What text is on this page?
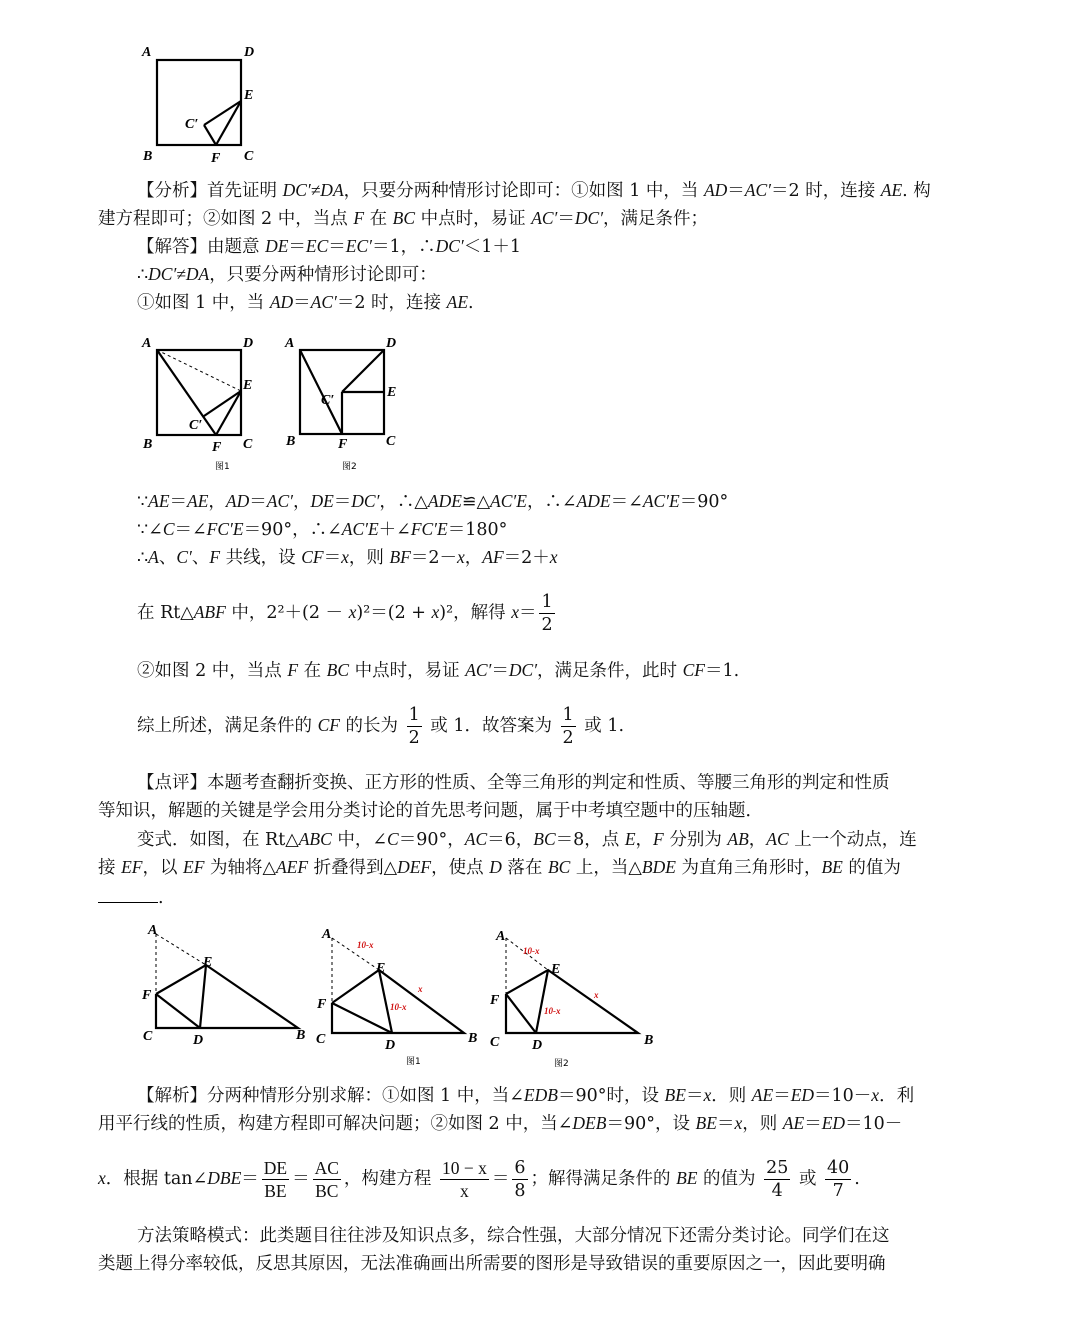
A	D
E
C′
B	F C
【分析】首先证明 DC′≠DA，只要分两种情形讨论即可：①如图 1 中，当 AD＝AC′＝2 时，连接 AE. 构
建方程即可；②如图 2 中，当点 F 在 BC 中点时，易证 AC′＝DC′，满足条件；
【解答】由题意 DE＝EC＝EC′＝1，∴DC′＜1＋1
∴DC′≠DA，只要分两种情形讨论即可：
①如图 1 中，当 AD＝AC′＝2 时，连接 AE.
A	D
E
C′
B	F C
图1
A	D
E
C′
B	F	C
图2
∵AE＝AE，AD＝AC′，DE＝DC′，∴△ADE≌△AC′E，∴∠ADE＝∠AC′E＝90°
∵∠C＝∠FC′E＝90°，∴∠AC′E＋∠FC′E＝180°
∴A、C′、F 共线，设 CF＝x，则 BF＝2－x，AF＝2＋x
在 Rt△ABF 中，2²＋(2 － x)²＝(2 + x)²，解得 $x= \frac{1}{2}$
②如图 2 中，当点 F 在 BC 中点时，易证 AC′＝DC′，满足条件，此时 CF＝1.
综上所述，满足条件的 CF 的长为 $\frac{1}{2}$ 或 1．故答案为 $\frac{1}{2}$ 或 1.
【点评】本题考查翻折变换、正方形的性质、全等三角形的判定和性质、等腰三角形的判定和性质
等知识，解题的关键是学会用分类讨论的首先思考问题，属于中考填空题中的压轴题．
变式．如图，在 Rt△ABC 中，∠C＝90°，AC＝6，BC＝8，点 E，F 分别为 AB，AC 上一个动点，连
接 EF，以 EF 为轴将△AEF 折叠得到△DEF，使点 D 落在 BC 上，当△BDE 为直角三角形时，BE 的值为
.
A
E
F
C	D	B
A
E
F
C	D	B
10-x
10-x
x
图1
A
E
F
C D	B
10-x
10-x
x
图2
【解析】分两种情形分别求解：①如图 1 中，当∠EDB＝90°时，设 BE＝x．则 AE＝ED＝10－x．利
用平行线的性质，构建方程即可解决问题；②如图 2 中，当∠DEB＝90°，设 BE＝x，则 AE＝ED＝10－
x．根据 tan∠DBE＝ $\frac{DE}{BE} = \frac{AC}{BC}$ ，构建方程 $\frac{10 - x}{x} = \frac{6}{8}$ ；解得满足条件的 BE 的值为 $\frac{25}{4}$ 或 $\frac{40}{7}$ .
方法策略模式：此类题目往往涉及知识点多，综合性强，大部分情况下还需分类讨论。同学们在这
类题上得分率较低，反思其原因，无法准确画出所需要的图形是导致错误的重要原因之一，因此要明确
